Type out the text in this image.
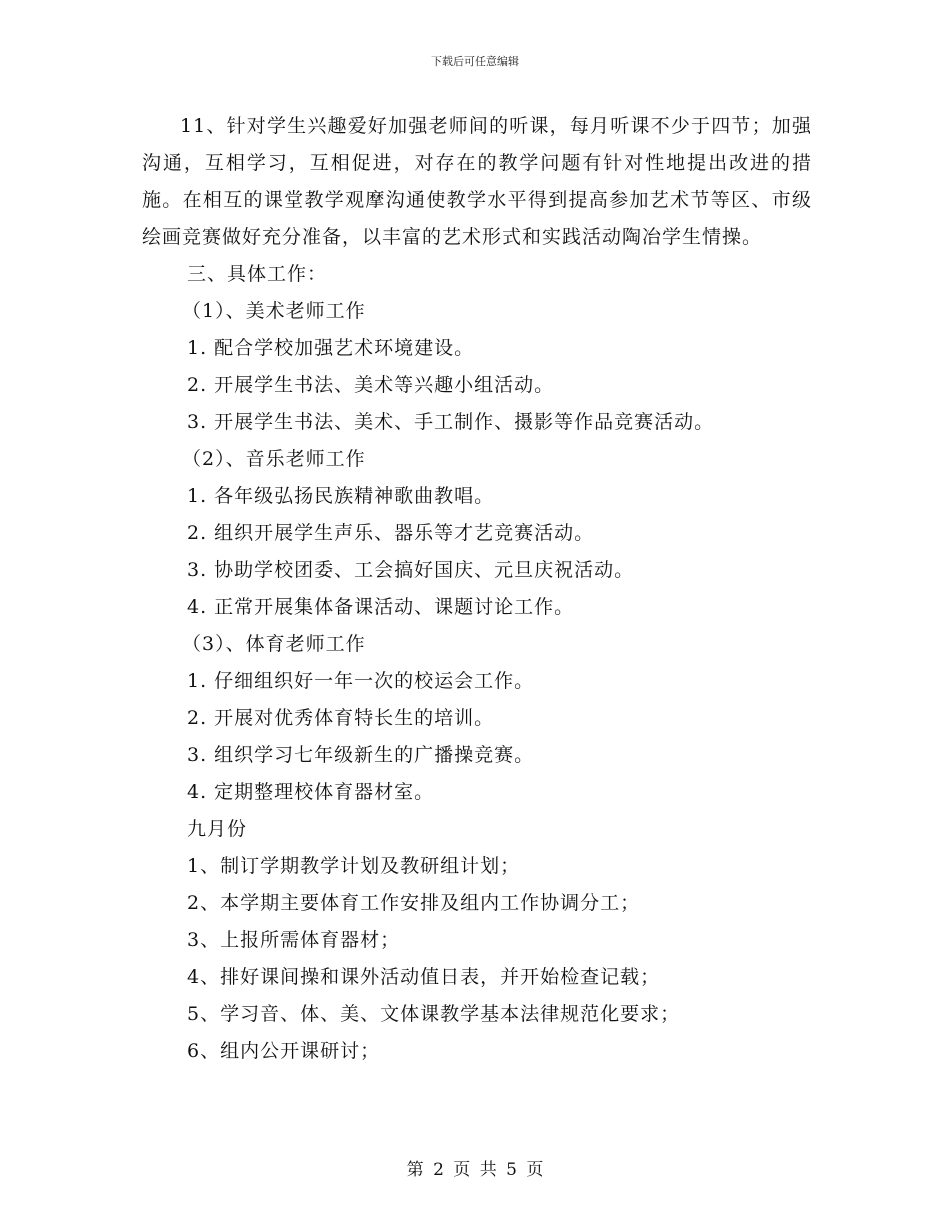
下载后可任意编辑

11、针对学生兴趣爱好加强老师间的听课，每月听课不少于四节；加强沟通，互相学习，互相促进，对存在的教学问题有针对性地提出改进的措施。在相互的课堂教学观摩沟通使教学水平得到提高参加艺术节等区、市级绘画竞赛做好充分准备，以丰富的艺术形式和实践活动陶冶学生情操。

三、具体工作：

（1）、美术老师工作

1. 配合学校加强艺术环境建设。

2. 开展学生书法、美术等兴趣小组活动。

3. 开展学生书法、美术、手工制作、摄影等作品竞赛活动。

（2）、音乐老师工作

1. 各年级弘扬民族精神歌曲教唱。

2. 组织开展学生声乐、器乐等才艺竞赛活动。

3. 协助学校团委、工会搞好国庆、元旦庆祝活动。

4. 正常开展集体备课活动、课题讨论工作。

（3）、体育老师工作

1. 仔细组织好一年一次的校运会工作。

2. 开展对优秀体育特长生的培训。

3. 组织学习七年级新生的广播操竞赛。

4. 定期整理校体育器材室。

九月份

1、制订学期教学计划及教研组计划；

2、本学期主要体育工作安排及组内工作协调分工；

3、上报所需体育器材；

4、排好课间操和课外活动值日表，并开始检查记载；

5、学习音、体、美、文体课教学基本法律规范化要求；

6、组内公开课研讨；

第 2 页 共 5 页
